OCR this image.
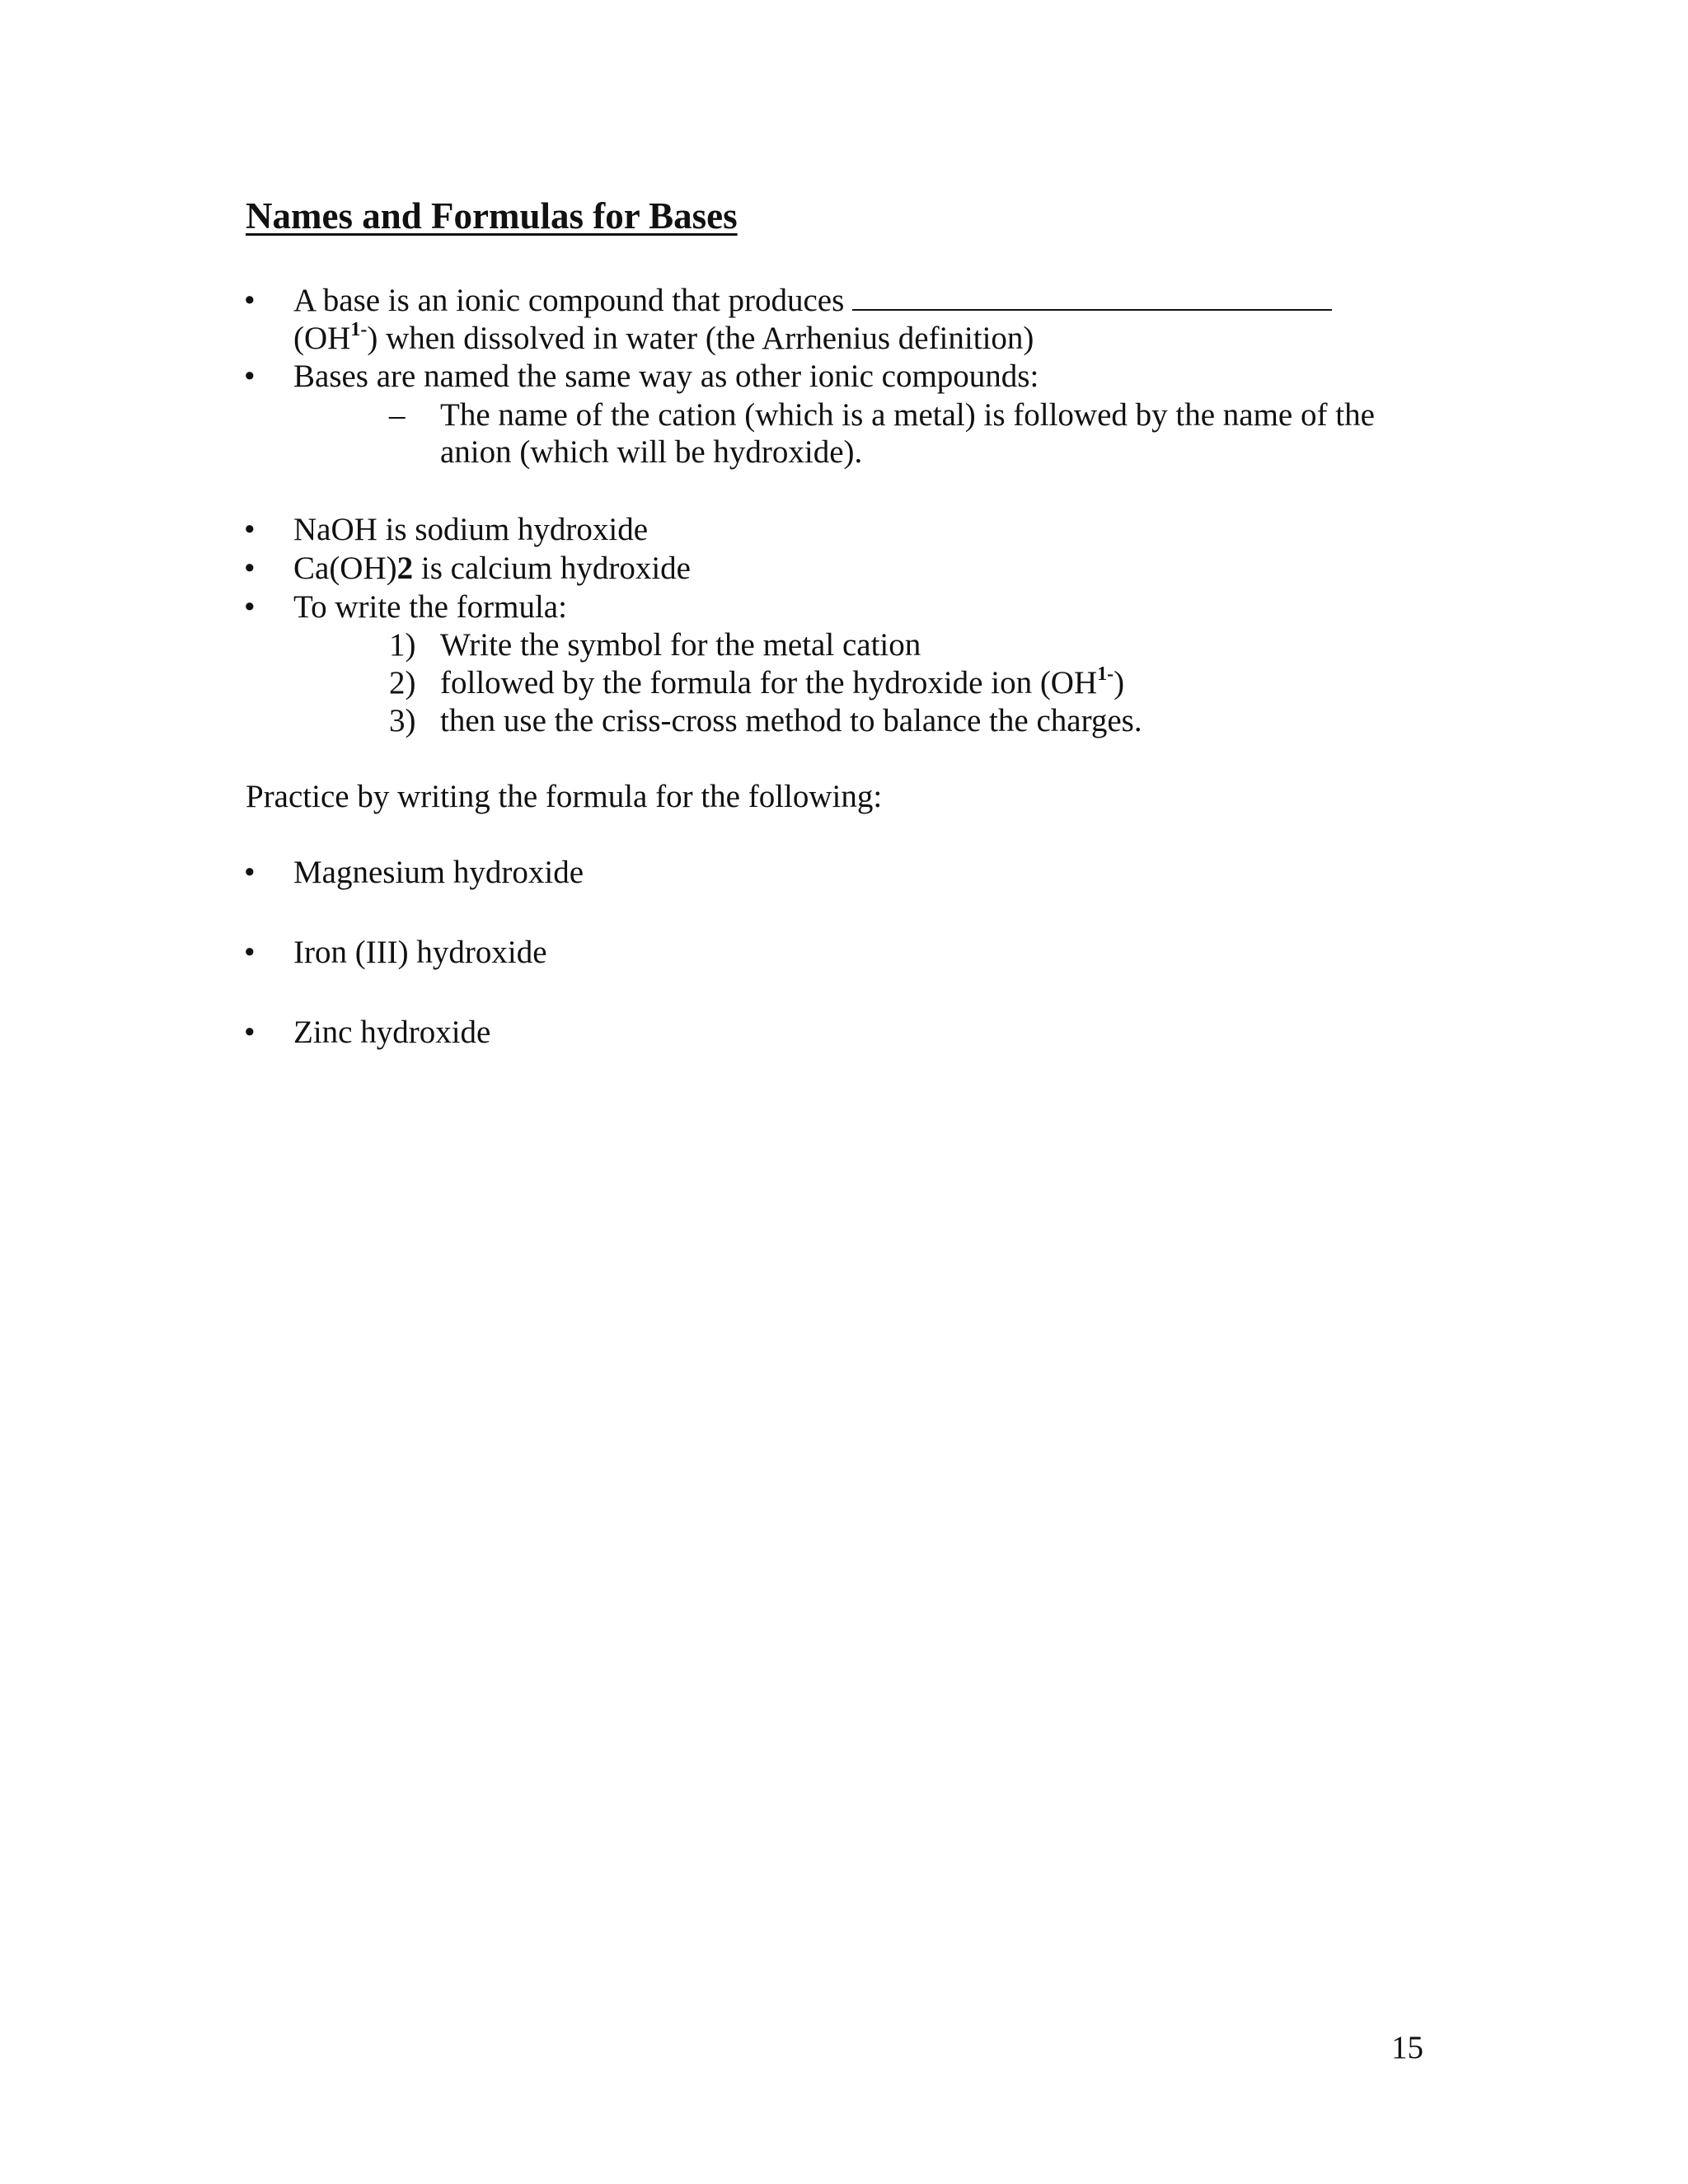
Names and Formulas for Bases
• A base is an ionic compound that produces
$(OH^{1-})$ when dissolved in water (the Arrhenius definition)
• Bases are named the same way as other ionic compounds:
– The name of the cation (which is a metal) is followed by the name of the
anion (which will be hydroxide).
• NaOH is sodium hydroxide
• Ca(OH)2 is calcium hydroxide
• To write the formula:
1) Write the symbol for the metal cation
2) followed by the formula for the hydroxide ion $(OH^{1-})$
3) then use the criss-cross method to balance the charges.
Practice by writing the formula for the following:
• Magnesium hydroxide
• Iron (III) hydroxide
• Zinc hydroxide
15
